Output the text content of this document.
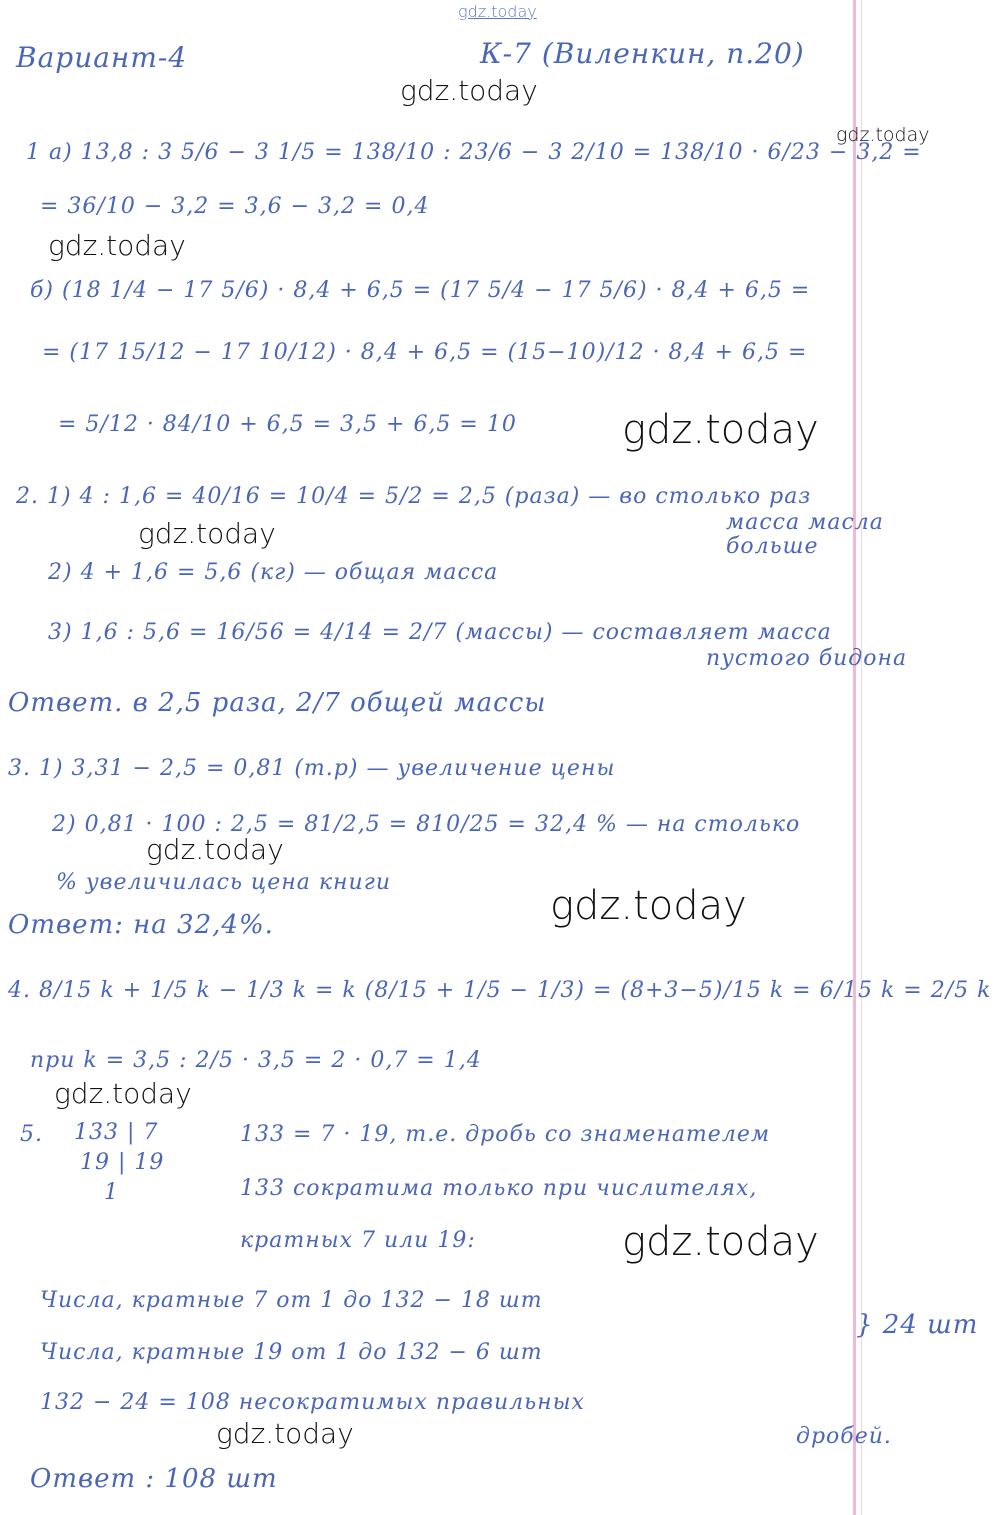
gdz.today
Вариант-4	К-7 (Виленкин, п.20)
gdz.today
1 а) 13,8 : 3 5/6 − 3 1/5 = 138/10 : 23/6 − 3 2/10 = 138/10 · 6/23 − 3,2 =
gdz.today
= 36/10 − 3,2 = 3,6 − 3,2 = 0,4
gdz.today
б) (18 1/4 − 17 5/6) · 8,4 + 6,5 = (17 5/4 − 17 5/6) · 8,4 + 6,5 =
= (17 15/12 − 17 10/12) · 8,4 + 6,5 = (15−10)/12 · 8,4 + 6,5 =
= 5/12 · 84/10 + 6,5 = 3,5 + 6,5 = 10	gdz.today
2. 1) 4 : 1,6 = 40/16 = 10/4 = 5/2 = 2,5 (раза) — во столько раз
масса масла
больше
gdz.today
2) 4 + 1,6 = 5,6 (кг) — общая масса
3) 1,6 : 5,6 = 16/56 = 4/14 = 2/7 (массы) — составляет масса
пустого бидона
Ответ. в 2,5 раза, 2/7 общей массы
3. 1) 3,31 − 2,5 = 0,81 (т.р) — увеличение цены
2) 0,81 · 100 : 2,5 = 81/2,5 = 810/25 = 32,4 % — на столько
gdz.today
% увеличилась цена книги
gdz.today
Ответ: на 32,4%.
4. 8/15 k + 1/5 k − 1/3 k = k (8/15 + 1/5 − 1/3) = (8+3−5)/15 k = 6/15 k = 2/5 k
при k = 3,5 : 2/5 · 3,5 = 2 · 0,7 = 1,4
gdz.today
5. 133 | 7
19 | 19
1
133 = 7 · 19, т.е. дробь со знаменателем
133 сократима только при числителях,
кратных 7 или 19:	gdz.today
Числа, кратные 7 от 1 до 132 − 18 шт
Числа, кратные 19 от 1 до 132 − 6 шт
} 24 шт
132 − 24 = 108 несократимых правильных
дробей.
gdz.today
Ответ : 108 шт
